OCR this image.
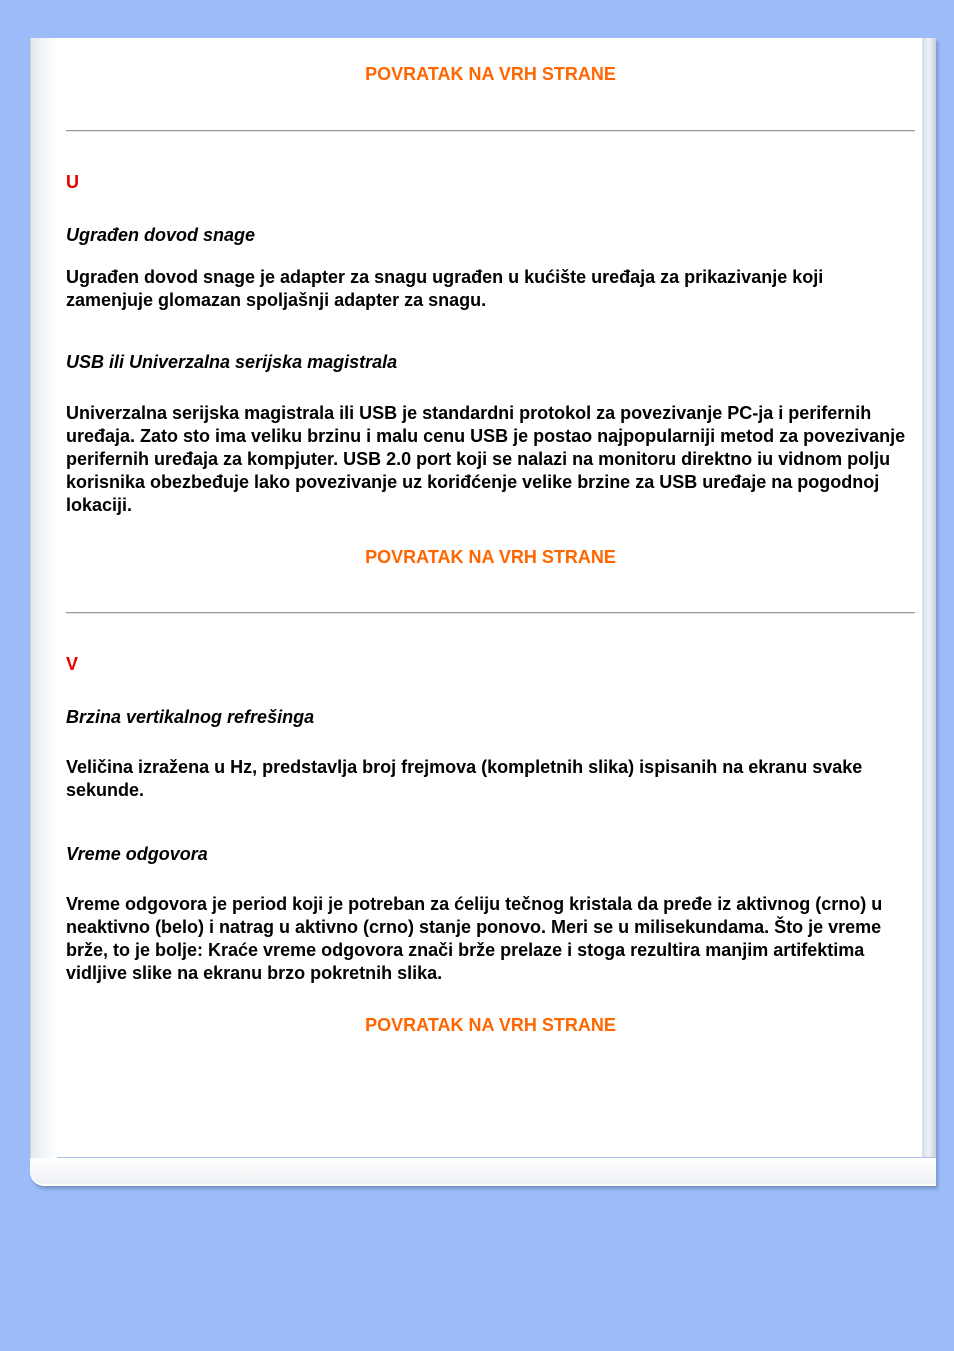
POVRATAK NA VRH STRANE
U
Ugrađen dovod snage

Ugrađen dovod snage je adapter za snagu ugrađen u kućište uređaja za prikazivanje koji zamenjuje glomazan spoljašnji adapter za snagu.

USB ili Univerzalna serijska magistrala

Univerzalna serijska magistrala ili USB je standardni protokol za povezivanje PC-ja i perifernih uređaja. Zato sto ima veliku brzinu i malu cenu USB je postao najpopularniji metod za povezivanje perifernih uređaja za kompjuter. USB 2.0 port koji se nalazi na monitoru direktno iu vidnom polju korisnika obezbeđuje lako povezivanje uz koriđćenje velike brzine za USB uređaje na pogodnoj lokaciji.

POVRATAK NA VRH STRANE
V
Brzina vertikalnog refrešinga

Veličina izražena u Hz, predstavlja broj frejmova (kompletnih slika) ispisanih na ekranu svake sekunde.

Vreme odgovora

Vreme odgovora je period koji je potreban za ćeliju tečnog kristala da pređe iz aktivnog (crno) u neaktivno (belo) i natrag u aktivno (crno) stanje ponovo. Meri se u milisekundama. Što je vreme brže, to je bolje: Kraće vreme odgovora znači brže prelaze i stoga rezultira manjim artifektima vidljive slike na ekranu brzo pokretnih slika.

POVRATAK NA VRH STRANE
